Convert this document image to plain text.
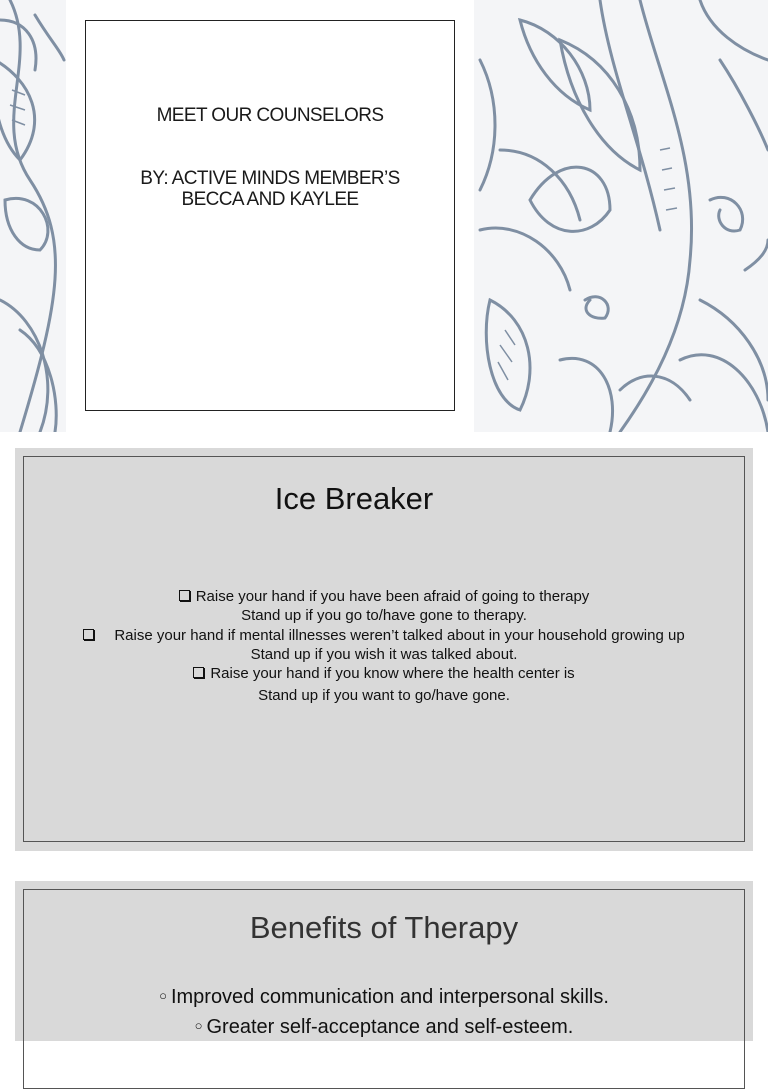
MEET OUR COUNSELORS
BY: ACTIVE MINDS MEMBER’S
BECCA AND KAYLEE
Ice Breaker
Raise your hand if you have been afraid of going to therapy
Stand up if you go to/have gone to therapy.
Raise your hand if mental illnesses weren’t talked about in your household growing up
Stand up if you wish it was talked about.
Raise your hand if you know where the health center is
Stand up if you want to go/have gone.
Benefits of Therapy
○ Improved communication and interpersonal skills.
○ Greater self-acceptance and self-esteem.
